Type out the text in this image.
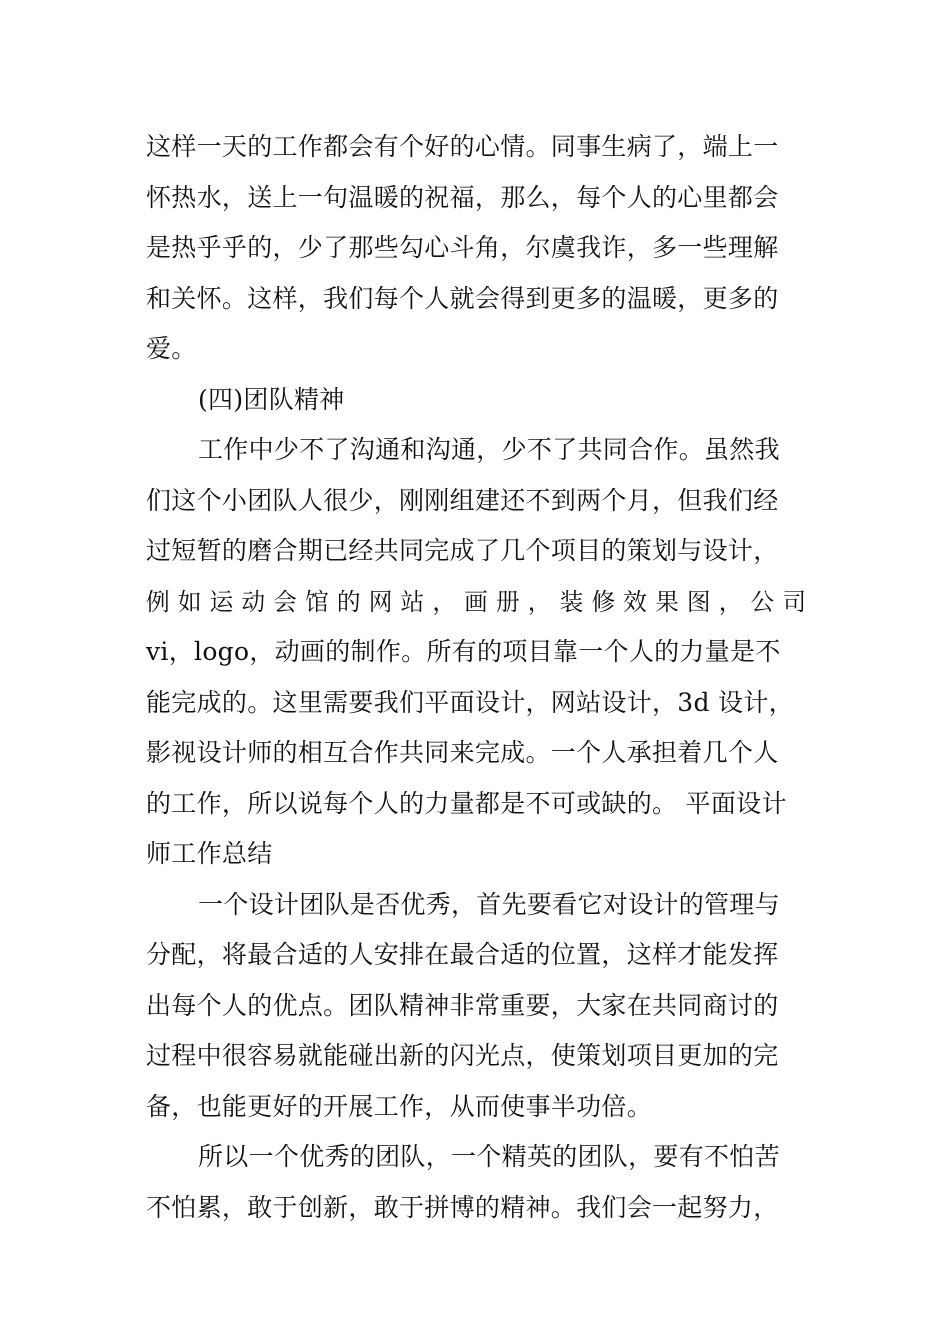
这样一天的工作都会有个好的心情。同事生病了，端上一
怀热水，送上一句温暖的祝福，那么，每个人的心里都会
是热乎乎的，少了那些勾心斗角，尔虞我诈，多一些理解
和关怀。这样，我们每个人就会得到更多的温暖，更多的
爱。
(四)团队精神
工作中少不了沟通和沟通，少不了共同合作。虽然我
们这个小团队人很少，刚刚组建还不到两个月，但我们经
过短暂的磨合期已经共同完成了几个项目的策划与设计，
例 如 运 动 会 馆 的 网 站 ， 画 册 ， 装 修 效 果 图 ， 公 司
vi，logo，动画的制作。所有的项目靠一个人的力量是不
能完成的。这里需要我们平面设计，网站设计，3d 设计，
影视设计师的相互合作共同来完成。一个人承担着几个人
的工作，所以说每个人的力量都是不可或缺的。 平面设计
师工作总结
一个设计团队是否优秀，首先要看它对设计的管理与
分配，将最合适的人安排在最合适的位置，这样才能发挥
出每个人的优点。团队精神非常重要，大家在共同商讨的
过程中很容易就能碰出新的闪光点，使策划项目更加的完
备，也能更好的开展工作，从而使事半功倍。
所以一个优秀的团队，一个精英的团队，要有不怕苦
不怕累，敢于创新，敢于拼博的精神。我们会一起努力，
